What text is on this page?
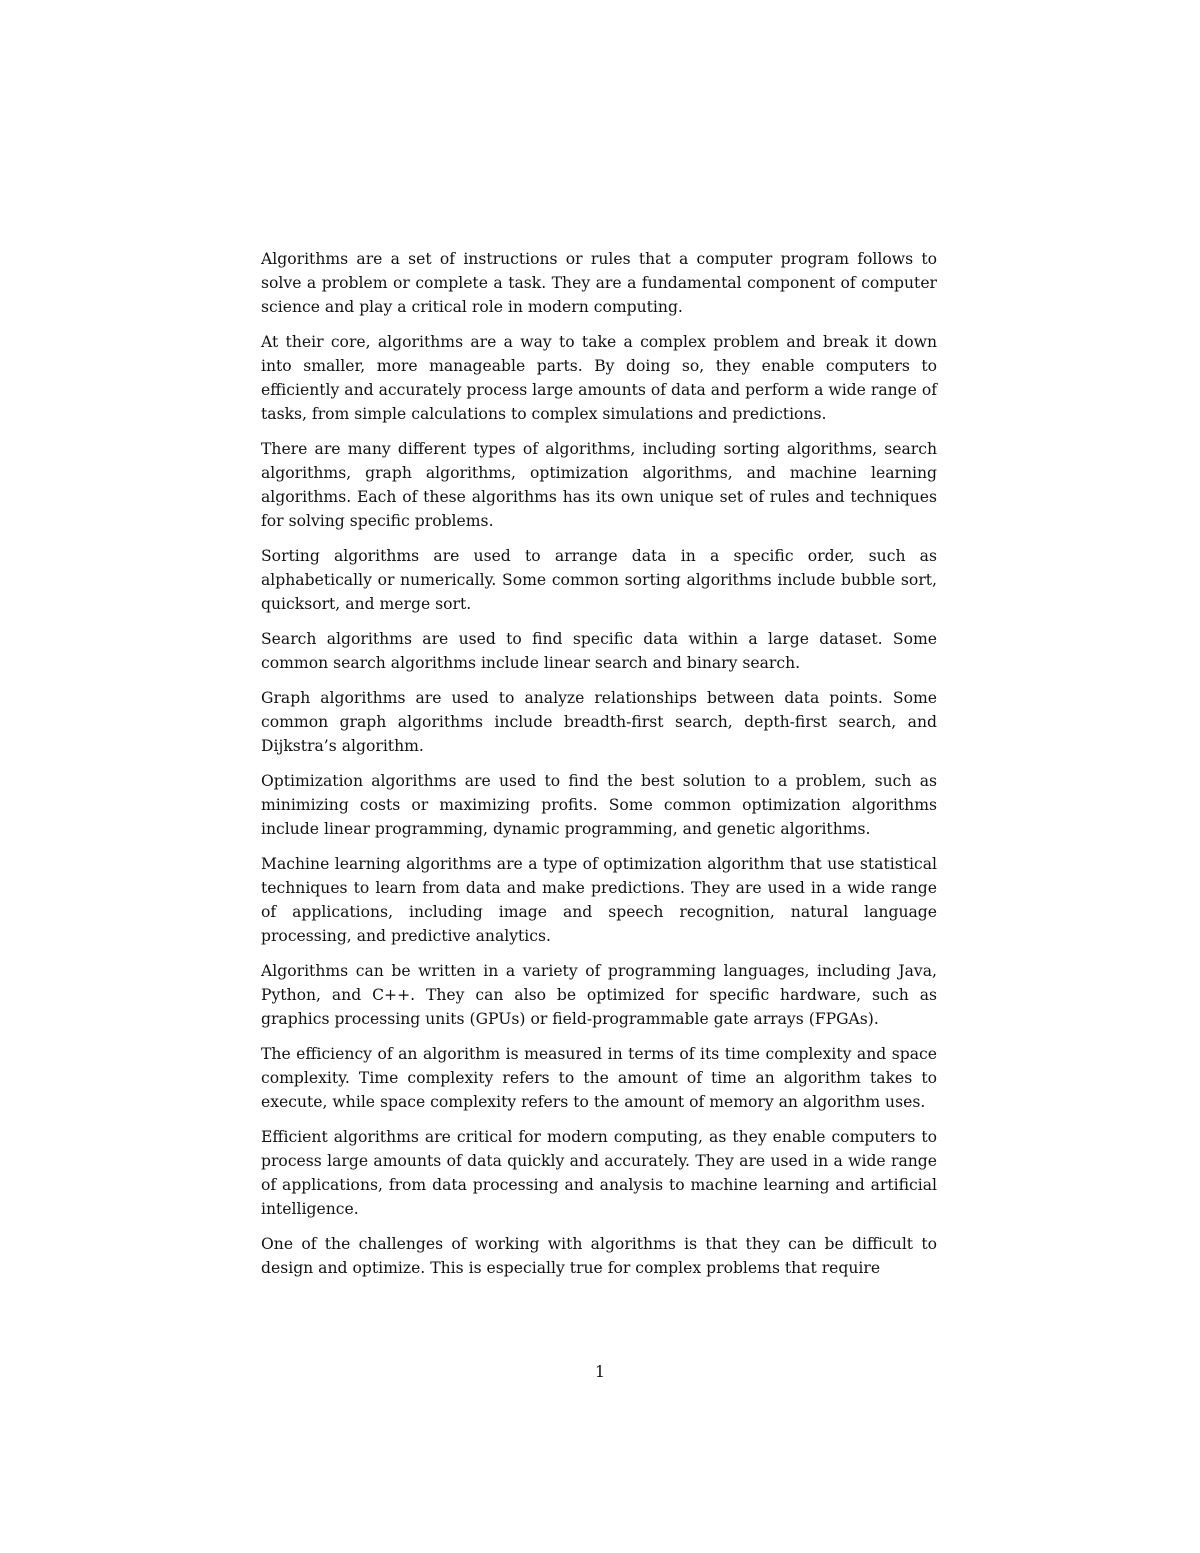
Algorithms are a set of instructions or rules that a computer program follows to solve a problem or complete a task. They are a fundamental component of computer science and play a critical role in modern computing.

At their core, algorithms are a way to take a complex problem and break it down into smaller, more manageable parts. By doing so, they enable computers to efficiently and accurately process large amounts of data and perform a wide range of tasks, from simple calculations to complex simulations and predictions.

There are many different types of algorithms, including sorting algorithms, search algorithms, graph algorithms, optimization algorithms, and machine learning algorithms. Each of these algorithms has its own unique set of rules and techniques for solving specific problems.

Sorting algorithms are used to arrange data in a specific order, such as alphabetically or numerically. Some common sorting algorithms include bubble sort, quicksort, and merge sort.

Search algorithms are used to find specific data within a large dataset. Some common search algorithms include linear search and binary search.

Graph algorithms are used to analyze relationships between data points. Some common graph algorithms include breadth-first search, depth-first search, and Dijkstra’s algorithm.

Optimization algorithms are used to find the best solution to a problem, such as minimizing costs or maximizing profits. Some common optimization algorithms include linear programming, dynamic programming, and genetic algorithms.

Machine learning algorithms are a type of optimization algorithm that use statistical techniques to learn from data and make predictions. They are used in a wide range of applications, including image and speech recognition, natural language processing, and predictive analytics.

Algorithms can be written in a variety of programming languages, including Java, Python, and C++. They can also be optimized for specific hardware, such as graphics processing units (GPUs) or field-programmable gate arrays (FPGAs).

The efficiency of an algorithm is measured in terms of its time complexity and space complexity. Time complexity refers to the amount of time an algorithm takes to execute, while space complexity refers to the amount of memory an algorithm uses.

Efficient algorithms are critical for modern computing, as they enable computers to process large amounts of data quickly and accurately. They are used in a wide range of applications, from data processing and analysis to machine learning and artificial intelligence.

One of the challenges of working with algorithms is that they can be difficult to design and optimize. This is especially true for complex problems that require

1
